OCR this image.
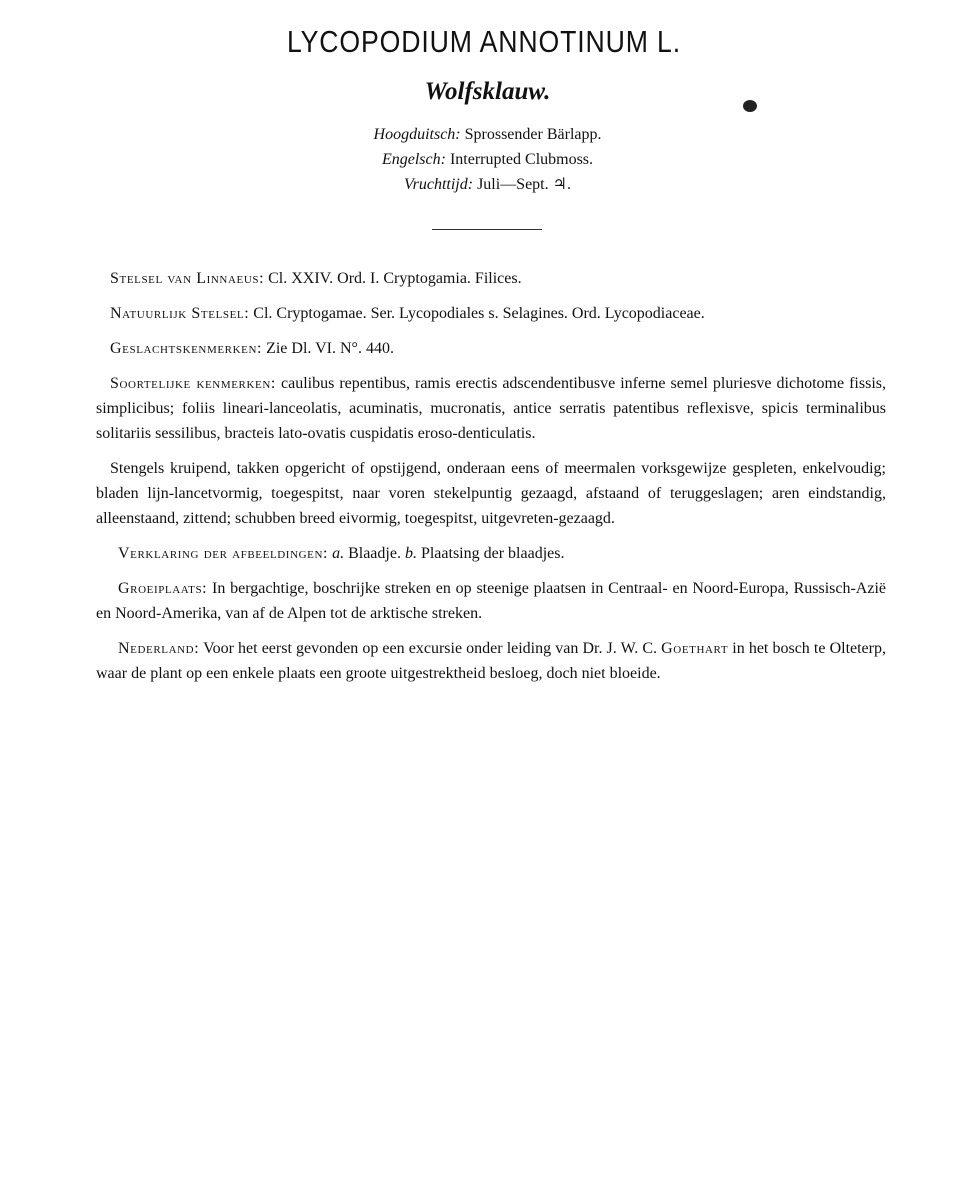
LYCOPODIUM ANNOTINUM L.
Wolfsklauw.
Hoogduitsch: Sprossender Bärlapp.
Engelsch: Interrupted Clubmoss.
Vruchttijd: Juli—Sept. ♃.

Stelsel van Linnaeus: Cl. XXIV. Ord. I. Cryptogamia. Filices.

Natuurlijk Stelsel: Cl. Cryptogamae. Ser. Lycopodiales s. Selagines. Ord. Lycopodiaceae.

Geslachtskenmerken: Zie Dl. VI. N°. 440.

Soortelijke kenmerken: caulibus repentibus, ramis erectis adscendentibusve inferne semel pluriesve dichotome fissis, simplicibus; foliis lineari-lanceolatis, acuminatis, mucronatis, antice serratis patentibus reflexisve, spicis terminalibus solitariis sessilibus, bracteis lato-ovatis cuspidatis eroso-denticulatis.

Stengels kruipend, takken opgericht of opstijgend, onderaan eens of meermalen vorksgewijze gespleten, enkelvoudig; bladen lijn-lancetvormig, toegespitst, naar voren stekelpuntig gezaagd, afstaand of teruggeslagen; aren eindstandig, alleenstaand, zittend; schubben breed eivormig, toegespitst, uitgevreten-gezaagd.

Verklaring der afbeeldingen: a. Blaadje. b. Plaatsing der blaadjes.

Groeiplaats: In bergachtige, boschrijke streken en op steenige plaatsen in Centraal- en Noord-Europa, Russisch-Azië en Noord-Amerika, van af de Alpen tot de arktische streken.

Nederland: Voor het eerst gevonden op een excursie onder leiding van Dr. J. W. C. Goethart in het bosch te Olteterp, waar de plant op een enkele plaats een groote uitgestrektheid besloeg, doch niet bloeide.
